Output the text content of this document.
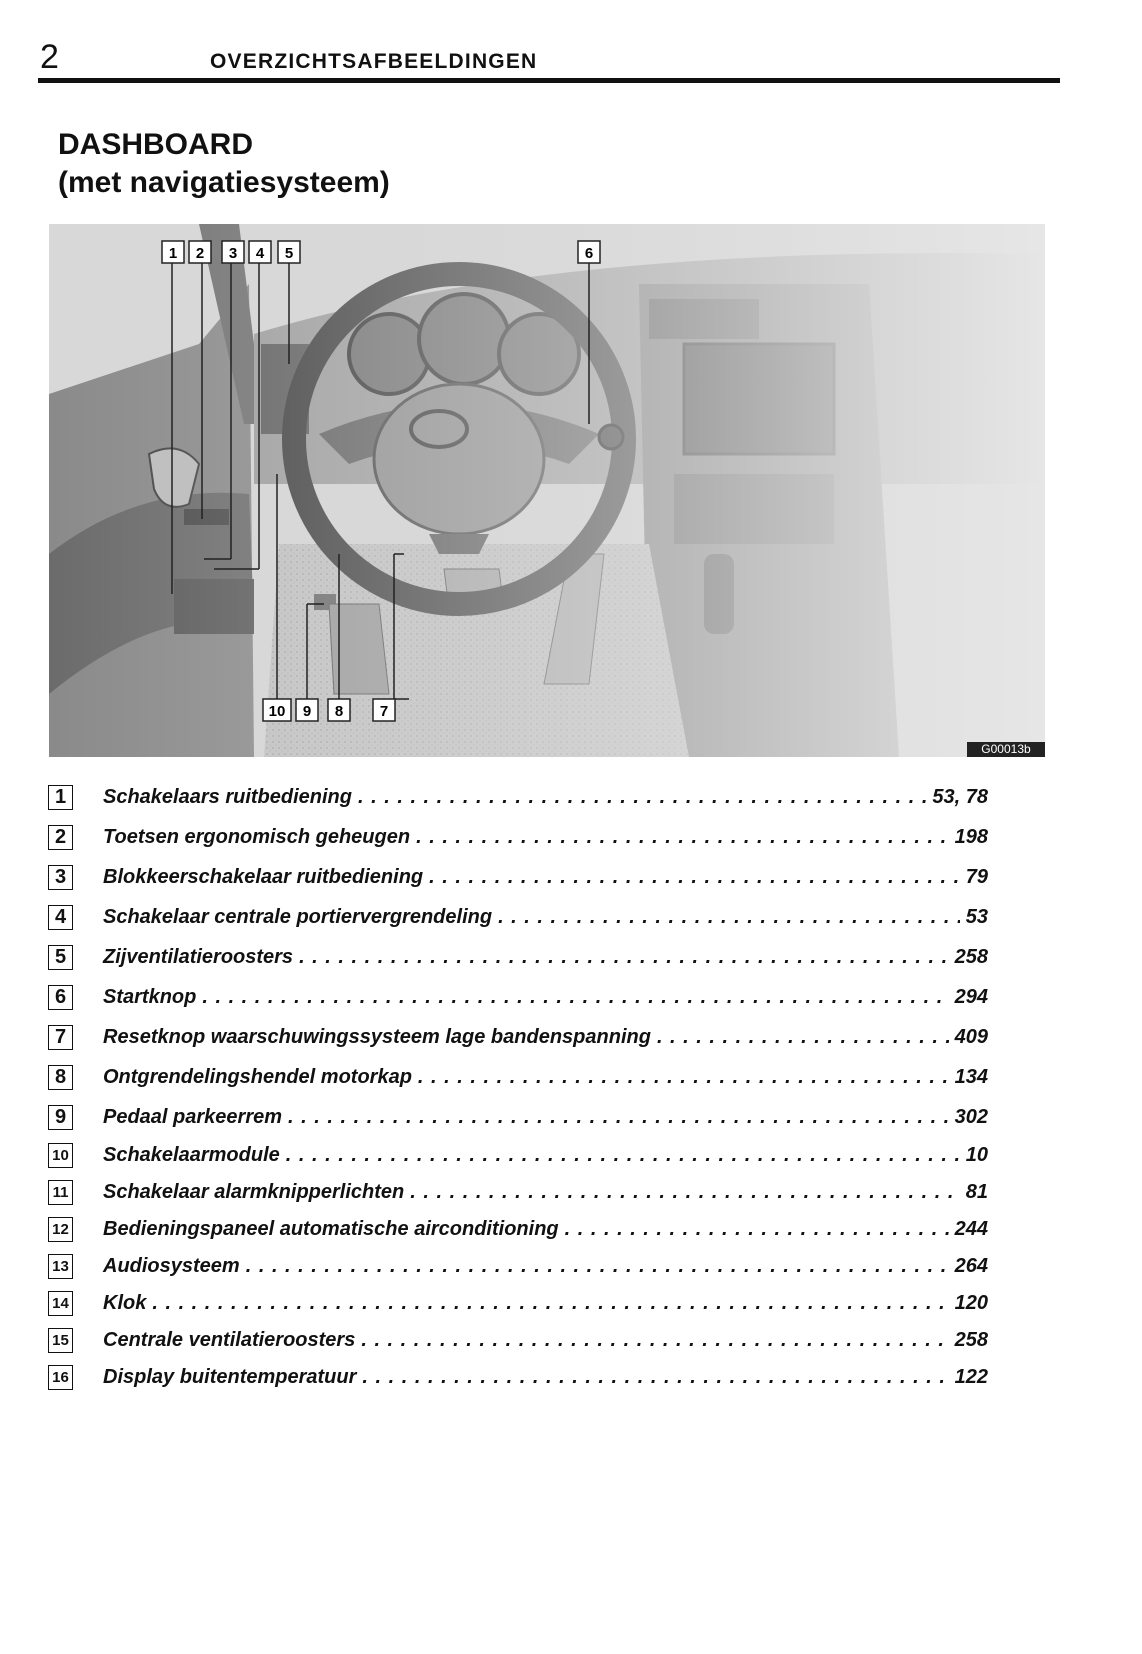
2	OVERZICHTSAFBEELDINGEN
DASHBOARD
(met navigatiesysteem)
1 2 3 4 5	6
10 9 8 7
G00013b
1	Schakelaars ruitbediening . . .	53, 78
2	Toetsen ergonomisch geheugen . . .	198
3	Blokkeerschakelaar ruitbediening . . .	79
4	Schakelaar centrale portiervergrendeling . . .	53
5	Zijventilatieroosters . . .	258
6	Startknop . . .	294
7	Resetknop waarschuwingssysteem lage bandenspanning . . .	409
8	Ontgrendelingshendel motorkap . . .	134
9	Pedaal parkeerrem . . .	302
10 Schakelaarmodule . . .	10
11 Schakelaar alarmknipperlichten . . .	81
12 Bedieningspaneel automatische airconditioning . . .	244
13 Audiosysteem . . .	264
14 Klok . . .	120
15 Centrale ventilatieroosters . . .	258
16 Display buitentemperatuur . . .	122
